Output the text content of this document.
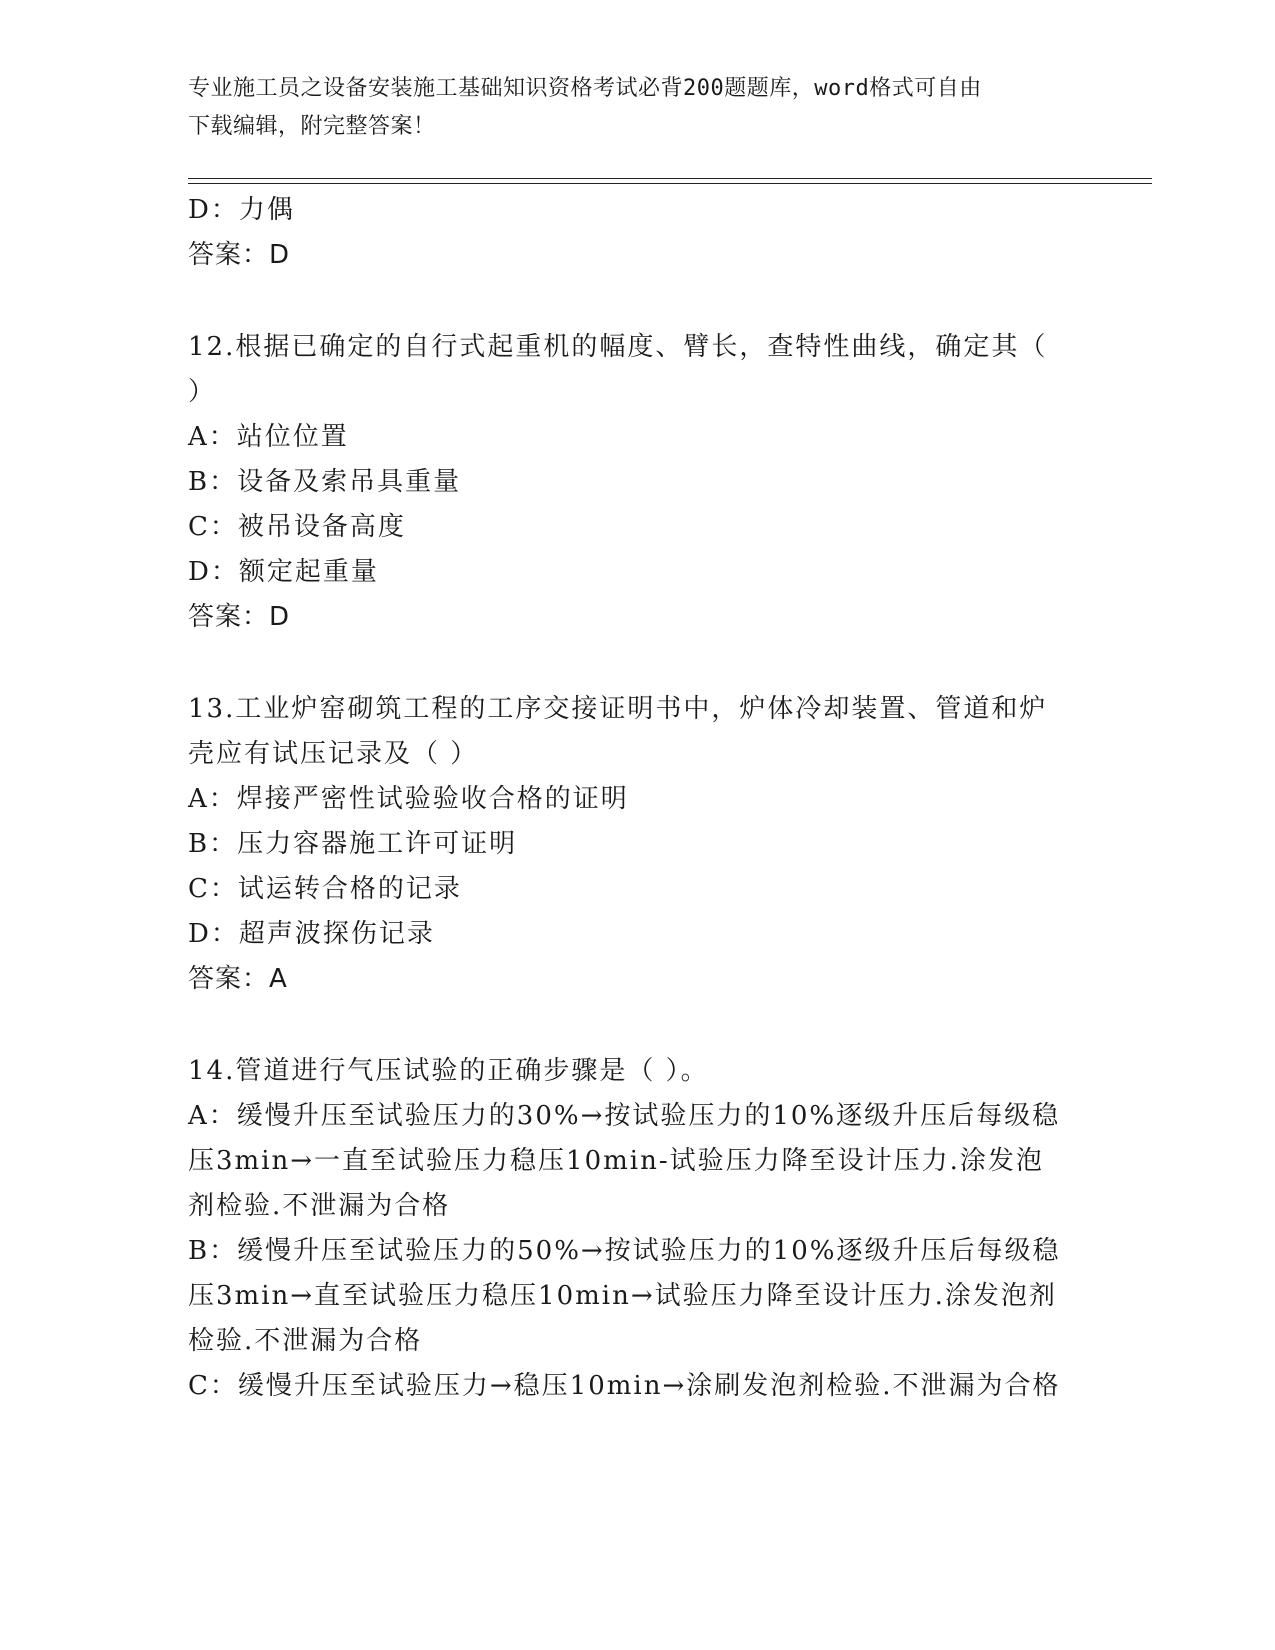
专业施工员之设备安装施工基础知识资格考试必背200题题库，word格式可自由
下载编辑，附完整答案！
D：力偶
答案：D
12.根据已确定的自行式起重机的幅度、臂长，查特性曲线，确定其（
）
A：站位位置
B：设备及索吊具重量
C：被吊设备高度
D：额定起重量
答案：D
13.工业炉窑砌筑工程的工序交接证明书中，炉体冷却装置、管道和炉
壳应有试压记录及（ ）
A：焊接严密性试验验收合格的证明
B：压力容器施工许可证明
C：试运转合格的记录
D：超声波探伤记录
答案：A
14.管道进行气压试验的正确步骤是（ ）。
A：缓慢升压至试验压力的30%→按试验压力的10%逐级升压后每级稳
压3min→一直至试验压力稳压10min-试验压力降至设计压力.涂发泡
剂检验.不泄漏为合格
B：缓慢升压至试验压力的50%→按试验压力的10%逐级升压后每级稳
压3min→直至试验压力稳压10min→试验压力降至设计压力.涂发泡剂
检验.不泄漏为合格
C：缓慢升压至试验压力→稳压10min→涂刷发泡剂检验.不泄漏为合格
